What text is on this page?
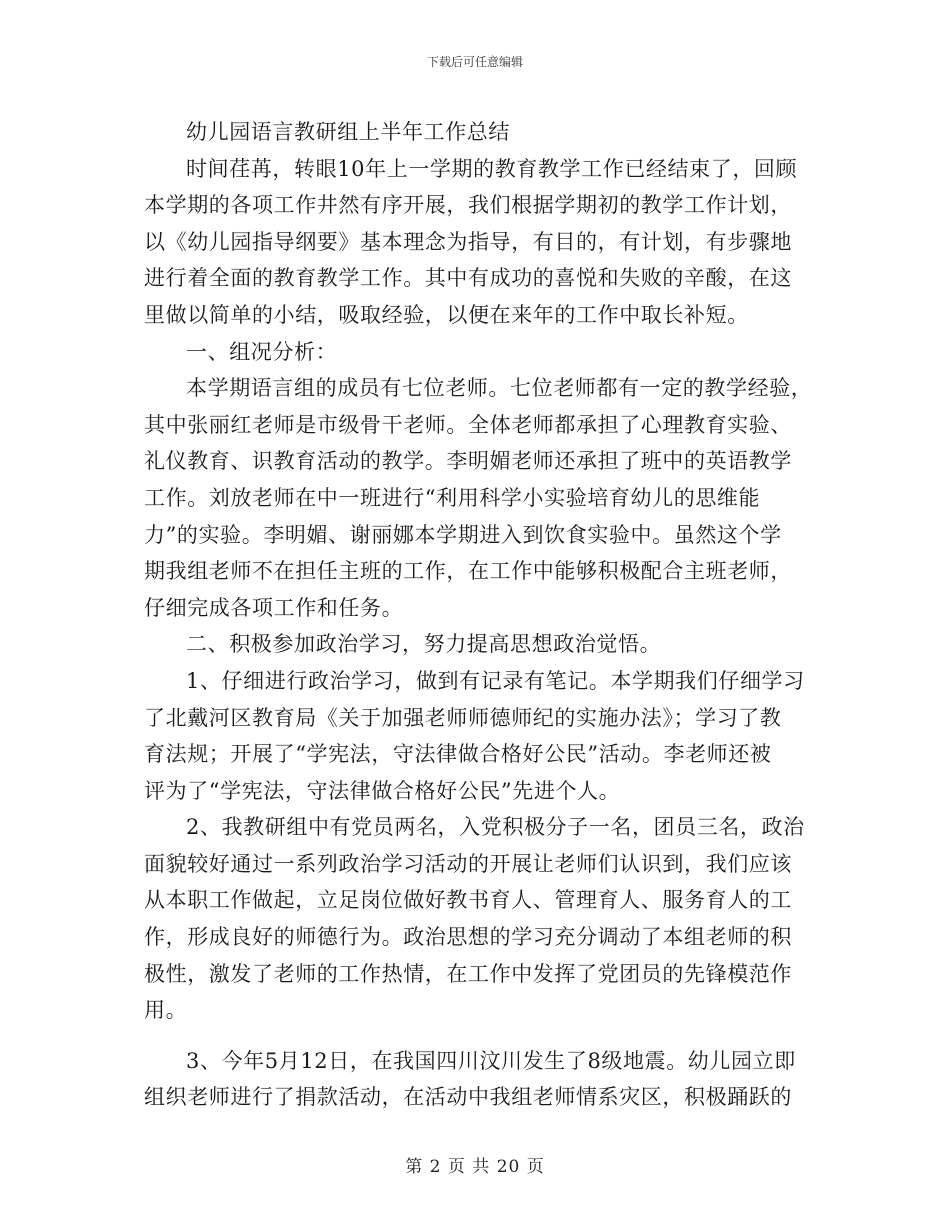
下载后可任意编辑
幼儿园语言教研组上半年工作总结
时间荏苒，转眼10年上一学期的教育教学工作已经结束了，回顾
本学期的各项工作井然有序开展，我们根据学期初的教学工作计划，
以《幼儿园指导纲要》基本理念为指导，有目的，有计划，有步骤地
进行着全面的教育教学工作。其中有成功的喜悦和失败的辛酸，在这
里做以简单的小结，吸取经验，以便在来年的工作中取长补短。
一、组况分析：
本学期语言组的成员有七位老师。七位老师都有一定的教学经验，
其中张丽红老师是市级骨干老师。全体老师都承担了心理教育实验、
礼仪教育、识教育活动的教学。李明媚老师还承担了班中的英语教学
工作。刘放老师在中一班进行“利用科学小实验培育幼儿的思维能
力”的实验。李明媚、谢丽娜本学期进入到饮食实验中。虽然这个学
期我组老师不在担任主班的工作，在工作中能够积极配合主班老师，
仔细完成各项工作和任务。
二、积极参加政治学习，努力提高思想政治觉悟。
1、仔细进行政治学习，做到有记录有笔记。本学期我们仔细学习
了北戴河区教育局《关于加强老师师德师纪的实施办法》；学习了教
育法规；开展了“学宪法，守法律做合格好公民”活动。李老师还被
评为了“学宪法，守法律做合格好公民”先进个人。
2、我教研组中有党员两名，入党积极分子一名，团员三名，政治
面貌较好通过一系列政治学习活动的开展让老师们认识到，我们应该
从本职工作做起，立足岗位做好教书育人、管理育人、服务育人的工
作，形成良好的师德行为。政治思想的学习充分调动了本组老师的积
极性，激发了老师的工作热情，在工作中发挥了党团员的先锋模范作
用。
3、今年5月12日，在我国四川汶川发生了8级地震。幼儿园立即
组织老师进行了捐款活动，在活动中我组老师情系灾区，积极踊跃的
第 2 页 共 20 页
